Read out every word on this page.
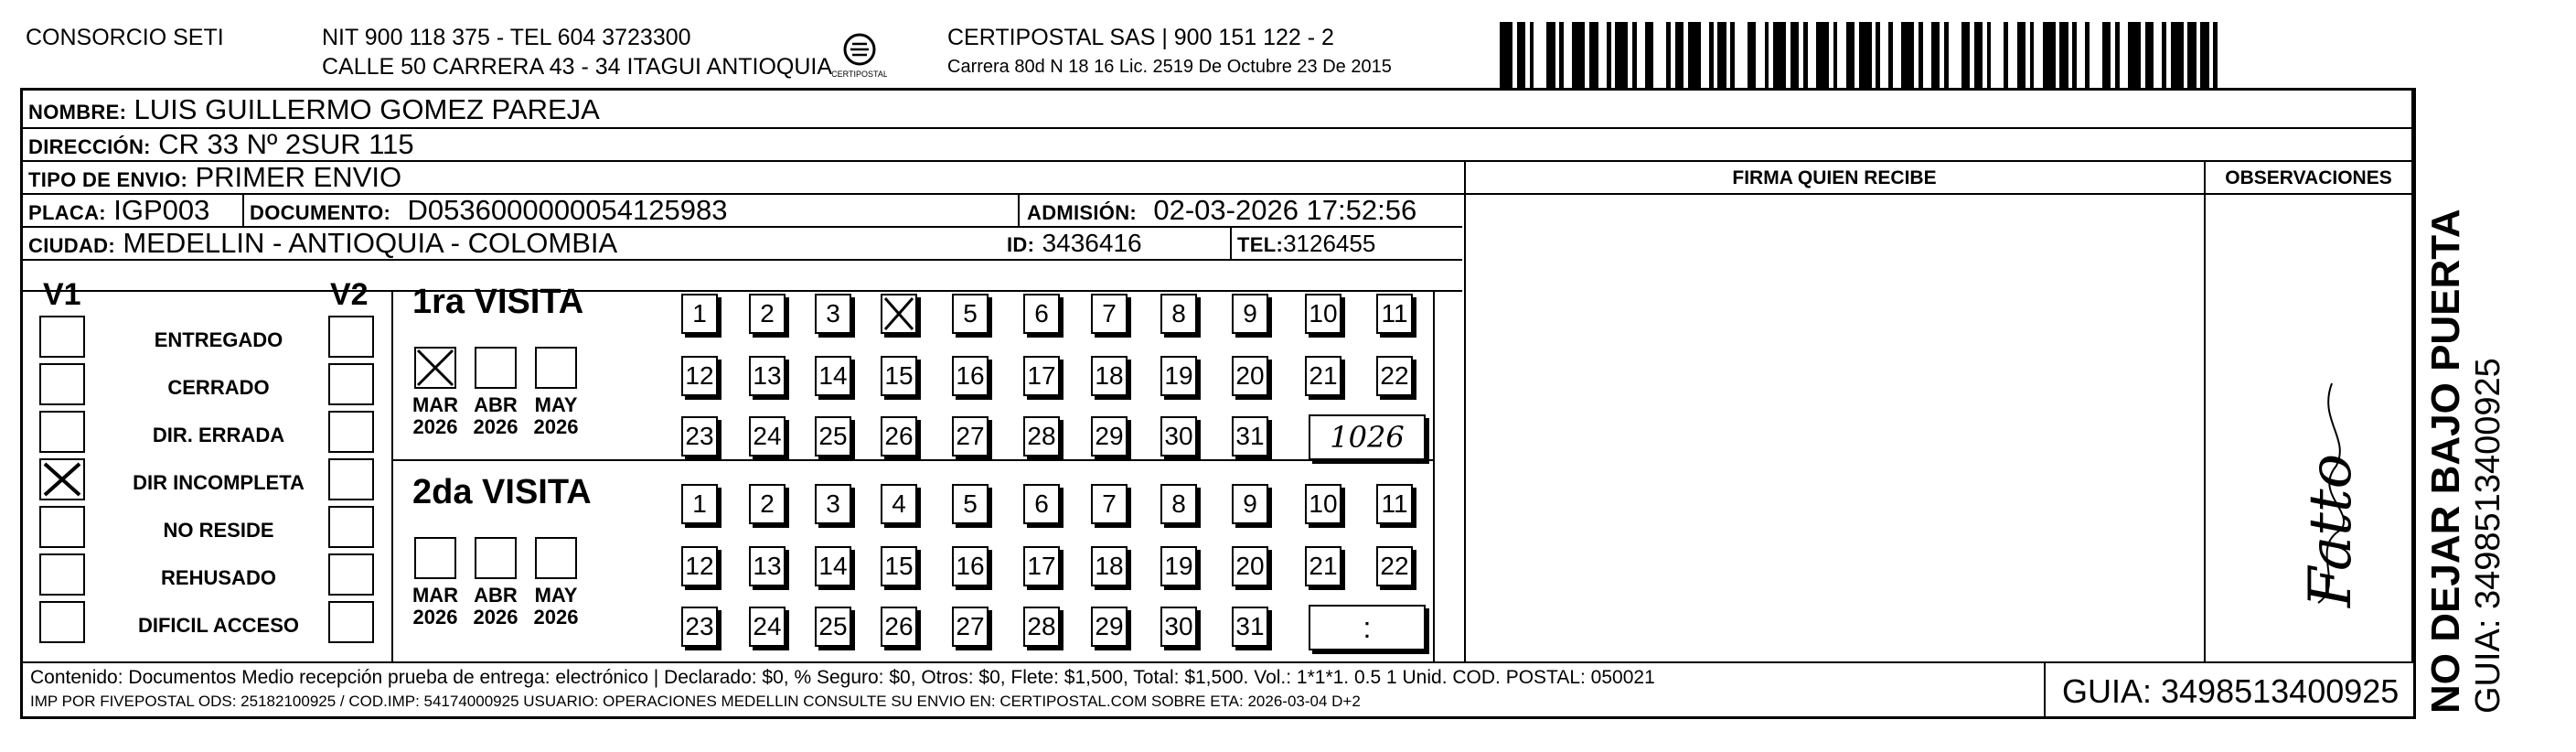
CONSORCIO SETI	NIT 900 118 375 - TEL 604 3723300
CALLE 50 CARRERA 43 - 34 ITAGUI ANTIOQUIA CERTIPOSTAL
CERTIPOSTAL SAS | 900 151 122 - 2
Carrera 80d N 18 16 Lic. 2519 De Octubre 23 De 2015
NOMBRE: LUIS GUILLERMO GOMEZ PAREJA
DIRECCIÓN: CR 33 Nº 2SUR 115
TIPO DE ENVIO: PRIMER ENVIO
PLACA: IGP003 DOCUMENTO: D0536000000054125983	ADMISIÓN: 02-03-2026 17:52:56
CIUDAD: MEDELLIN - ANTIOQUIA - COLOMBIA	ID: 3436416	TEL:3126455
FIRMA QUIEN RECIBE	OBSERVACIONES
V1	V2
ENTREGADO
CERRADO
DIR. ERRADA
DIR INCOMPLETA
NO RESIDE
REHUSADO
DIFICIL ACCESO
1ra VISITA
2da VISITA
MAR
2026
ABR
2026
MAY
2026
1	2	3	5	6	7	8	9	10 11
12 13 14 15 16 17 18 19 20 21 22
23 24 25 26 27 28 29 30 31	1026
MAR
2026
ABR
2026
MAY
2026
1	2	3	4	5	6	7	8	9	10 11
12 13 14 15 16 17 18 19 20 21 22
23 24 25 26 27 28 29 30 31	:
Contenido: Documentos Medio recepción prueba de entrega: electrónico | Declarado: $0, % Seguro: $0, Otros: $0, Flete: $1,500, Total: $1,500. Vol.: 1*1*1. 0.5 1 Unid. COD. POSTAL: 050021
IMP POR FIVEPOSTAL ODS: 25182100925 / COD.IMP: 54174000925 USUARIO: OPERACIONES MEDELLIN CONSULTE SU ENVIO EN: CERTIPOSTAL.COM SOBRE ETA: 2026-03-04 D+2	GUIA: 3498513400925
Fatto NO DEJAR BAJO PUERTA GUIA: 3498513400925
